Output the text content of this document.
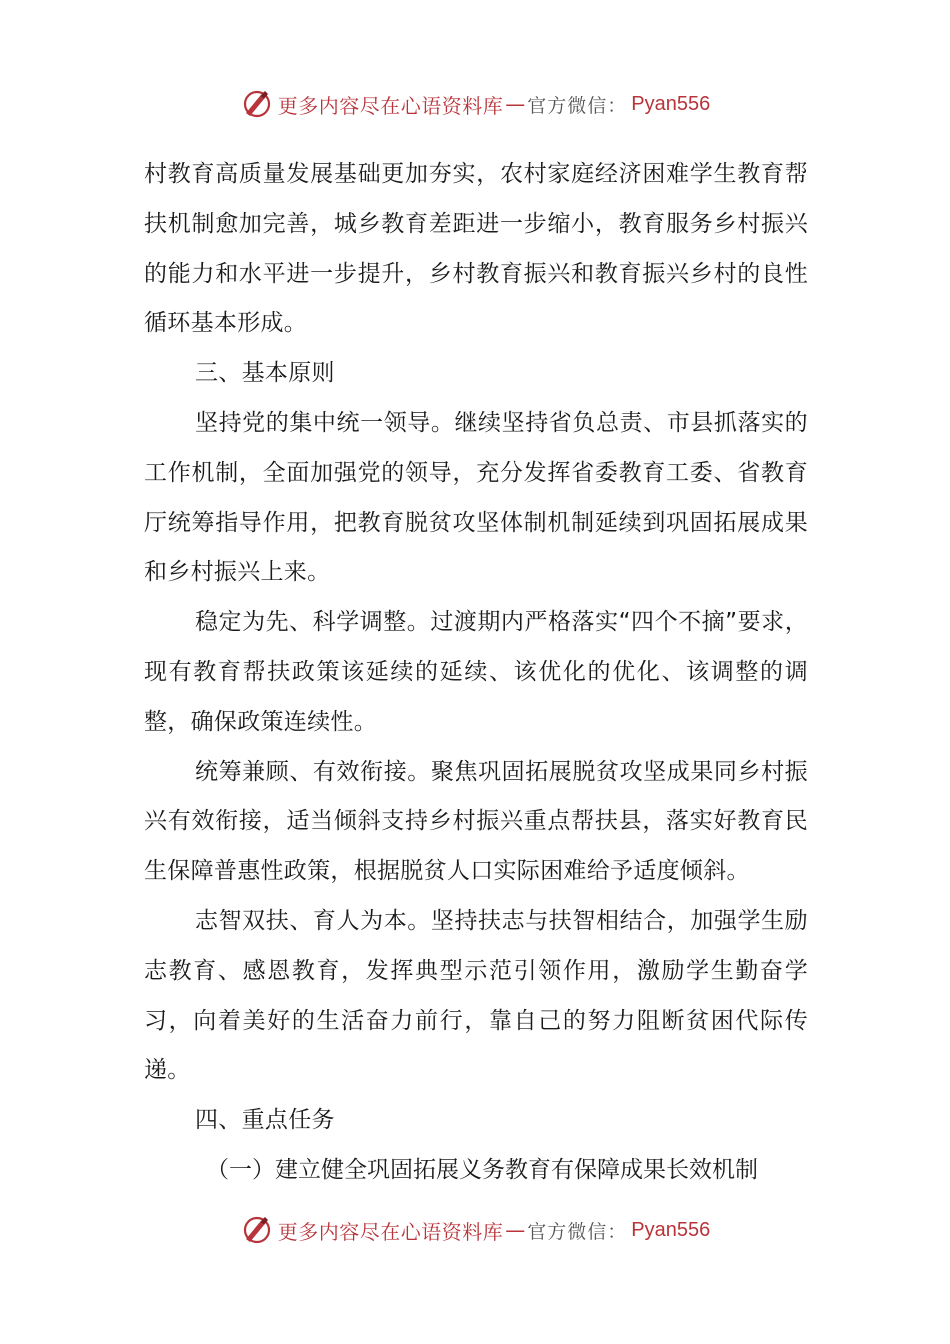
更多内容尽在心语资料库 — 官方微信： Pyan556

村教育高质量发展基础更加夯实，农村家庭经济困难学生教育帮扶机制愈加完善，城乡教育差距进一步缩小，教育服务乡村振兴的能力和水平进一步提升，乡村教育振兴和教育振兴乡村的良性循环基本形成。

三、基本原则

坚持党的集中统一领导。继续坚持省负总责、市县抓落实的工作机制，全面加强党的领导，充分发挥省委教育工委、省教育厅统筹指导作用，把教育脱贫攻坚体制机制延续到巩固拓展成果和乡村振兴上来。

稳定为先、科学调整。过渡期内严格落实“四个不摘”要求，现有教育帮扶政策该延续的延续、该优化的优化、该调整的调整，确保政策连续性。

统筹兼顾、有效衔接。聚焦巩固拓展脱贫攻坚成果同乡村振兴有效衔接，适当倾斜支持乡村振兴重点帮扶县，落实好教育民生保障普惠性政策，根据脱贫人口实际困难给予适度倾斜。

志智双扶、育人为本。坚持扶志与扶智相结合，加强学生励志教育、感恩教育，发挥典型示范引领作用，激励学生勤奋学习，向着美好的生活奋力前行，靠自己的努力阻断贫困代际传递。

四、重点任务

（一）建立健全巩固拓展义务教育有保障成果长效机制

更多内容尽在心语资料库 — 官方微信： Pyan556
